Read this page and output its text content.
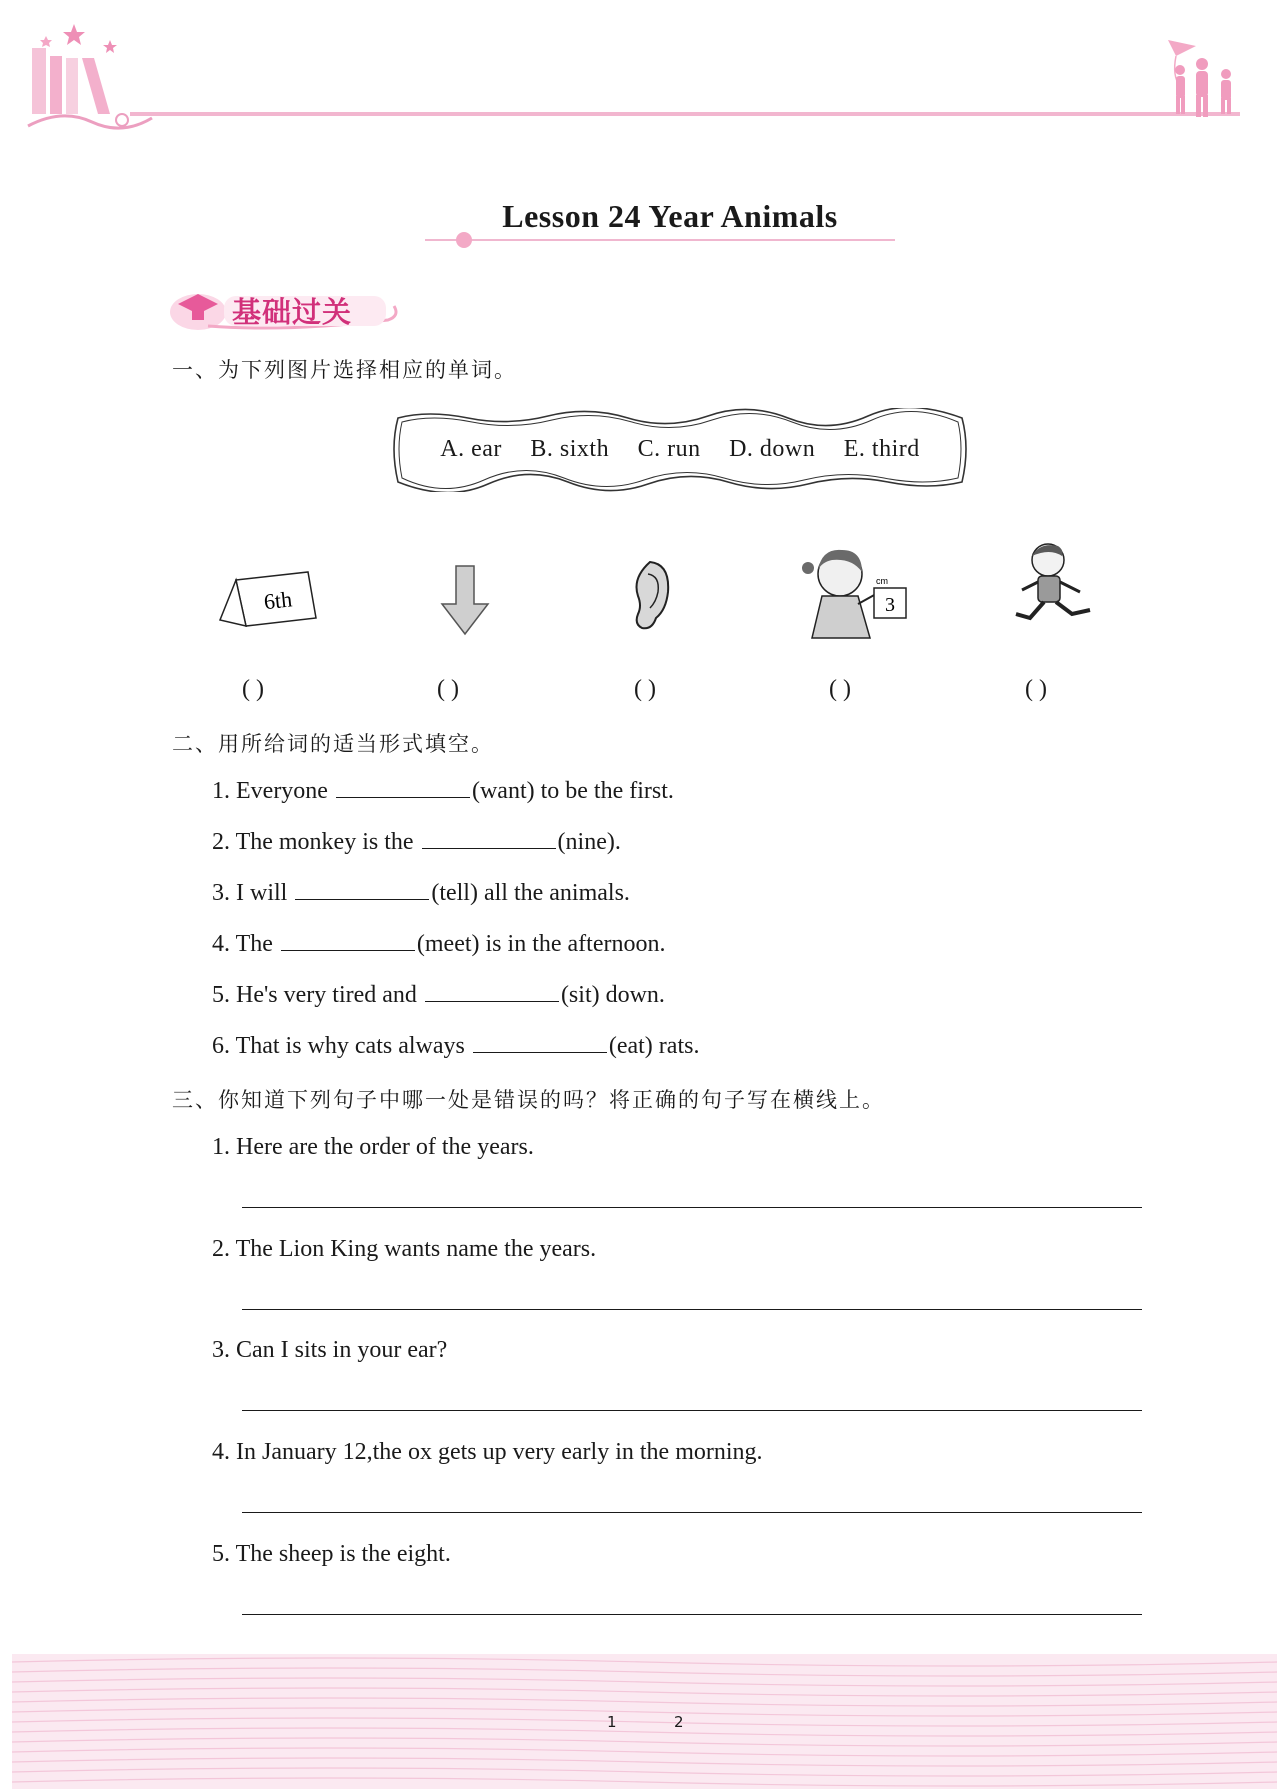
Lesson 24 Year Animals
基础过关
一、为下列图片选择相应的单词。
A. ear B. sixth C. run D. down E. third
6th	3
cm
( )	( )	( )	( )	( )
二、用所给词的适当形式填空。
1. Everyone	(want) to be the first.
2. The monkey is the	(nine).
3. I will	(tell) all the animals.
4. The	(meet) is in the afternoon.
5. He's very tired and	(sit) down.
6. That is why cats always	(eat) rats.
三、你知道下列句子中哪一处是错误的吗？将正确的句子写在横线上。
1. Here are the order of the years.
2. The Lion King wants name the years.
3. Can I sits in your ear?
4. In January 12,the ox gets up very early in the morning.
5. The sheep is the eight.
1	2
